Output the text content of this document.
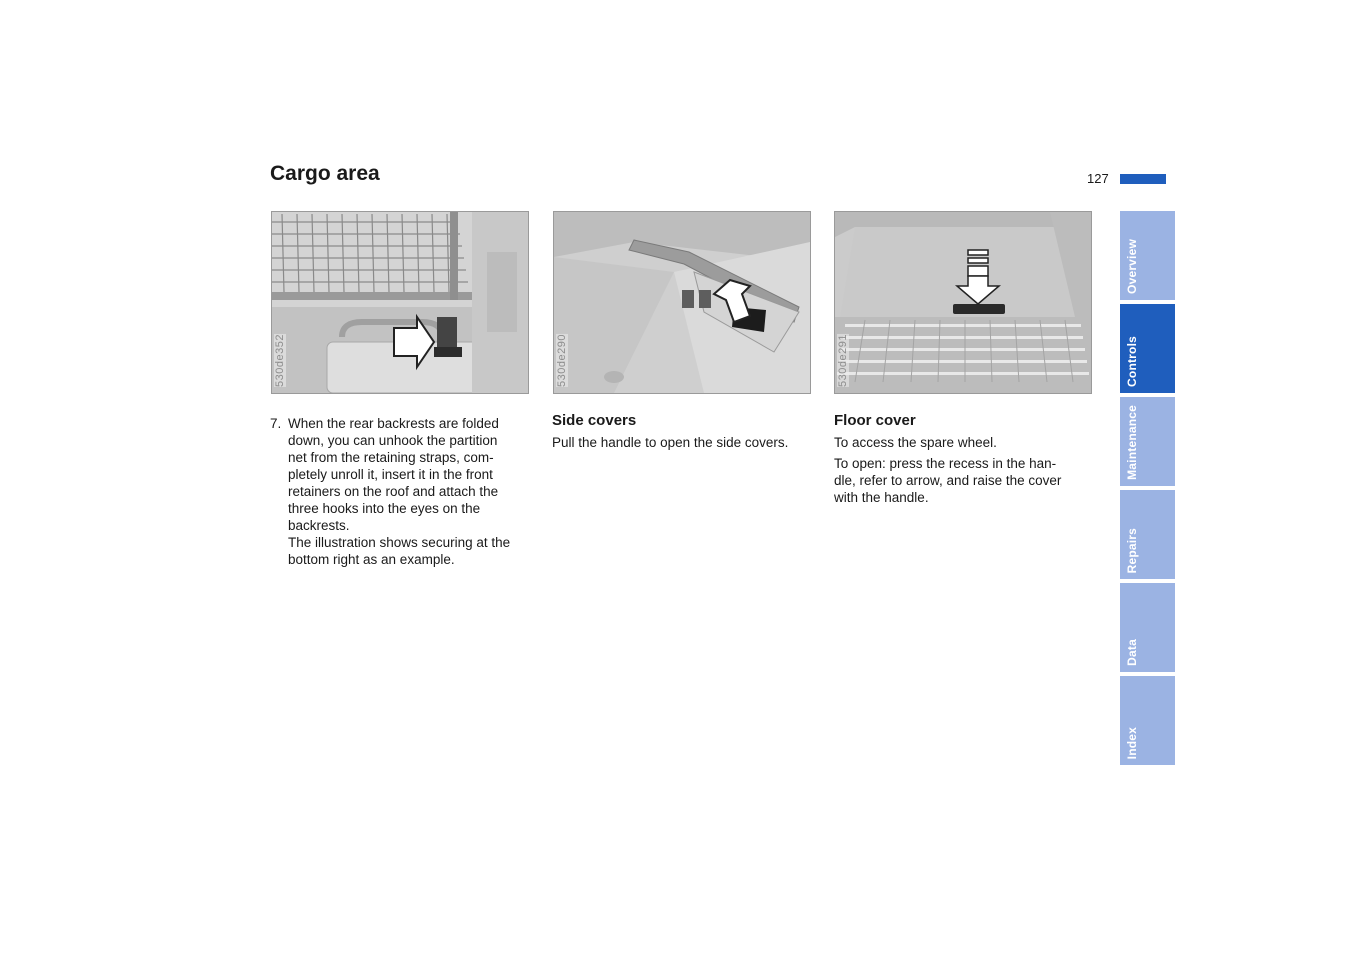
Cargo area	127
530de352	530de290	530de291
7. When the rear backrests are folded

down, you can unhook the partition

net from the retaining straps, com-

pletely unroll it, insert it in the front

retainers on the roof and attach the

three hooks into the eyes on the

backrests.

The illustration shows securing at the

bottom right as an example.

Side covers

Pull the handle to open the side covers.

Floor cover

To access the spare wheel.

To open: press the recess in the han-
dle, refer to arrow, and raise the cover
with the handle.
Overview
Controls
Maintenance
Repairs
Data
Index
